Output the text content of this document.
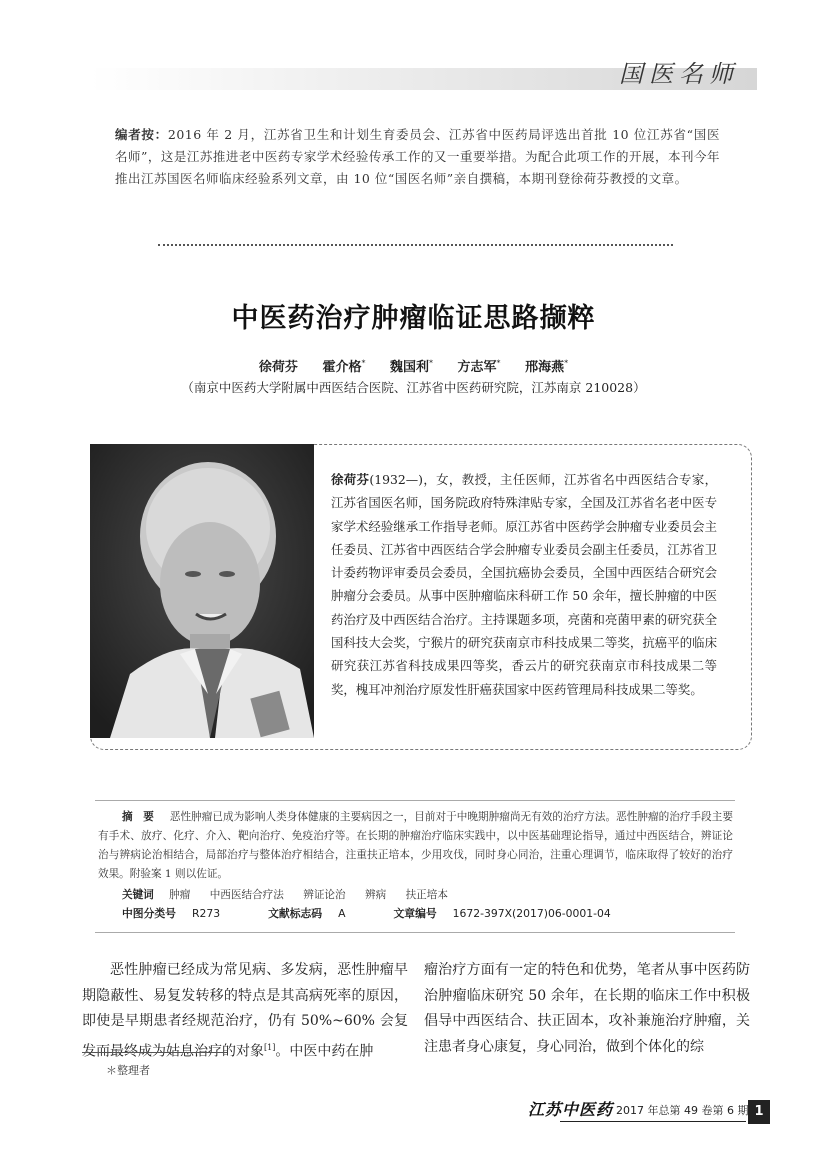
国医名师
编者按：2016 年 2 月，江苏省卫生和计划生育委员会、江苏省中医药局评选出首批 10 位江苏省“国医名师”，这是江苏推进老中医药专家学术经验传承工作的又一重要举措。为配合此项工作的开展，本刊今年推出江苏国医名师临床经验系列文章，由 10 位“国医名师”亲自撰稿，本期刊登徐荷芬教授的文章。
中医药治疗肿瘤临证思路撷粹
徐荷芬 霍介格* 魏国利* 方志军* 邢海燕*
（南京中医药大学附属中西医结合医院、江苏省中医药研究院，江苏南京 210028）
徐荷芬(1932—)，女，教授，主任医师，江苏省名中西医结合专家，江苏省国医名师，国务院政府特殊津贴专家，全国及江苏省名老中医专家学术经验继承工作指导老师。原江苏省中医药学会肿瘤专业委员会主任委员、江苏省中西医结合学会肿瘤专业委员会副主任委员，江苏省卫计委药物评审委员会委员，全国抗癌协会委员，全国中西医结合研究会肿瘤分会委员。从事中医肿瘤临床科研工作 50 余年，擅长肿瘤的中医药治疗及中西医结合治疗。主持课题多项，亮菌和亮菌甲素的研究获全国科技大会奖，宁猴片的研究获南京市科技成果二等奖，抗癌平的临床研究获江苏省科技成果四等奖，香云片的研究获南京市科技成果二等奖，槐耳冲剂治疗原发性肝癌获国家中医药管理局科技成果二等奖。
摘　要 恶性肿瘤已成为影响人类身体健康的主要病因之一，目前对于中晚期肿瘤尚无有效的治疗方法。恶性肿瘤的治疗手段主要有手术、放疗、化疗、介入、靶向治疗、免疫治疗等。在长期的肿瘤治疗临床实践中，以中医基础理论指导，通过中西医结合，辨证论治与辨病论治相结合，局部治疗与整体治疗相结合，注重扶正培本，少用攻伐，同时身心同治，注重心理调节，临床取得了较好的治疗效果。附验案 1 则以佐证。
关键词 肿瘤 中西医结合疗法 辨证论治 辨病 扶正培本
中图分类号 R273	文献标志码 A	文章编号 1672-397X(2017)06-0001-04
恶性肿瘤已经成为常见病、多发病，恶性肿瘤早期隐蔽性、易复发转移的特点是其高病死率的原因，即使是早期患者经规范治疗，仍有 50%~60% 会复发而最终成为姑息治疗的对象[1]。中医中药在肿
瘤治疗方面有一定的特色和优势，笔者从事中医药防治肿瘤临床研究 50 余年，在长期的临床工作中积极倡导中西医结合、扶正固本，攻补兼施治疗肿瘤，关注患者身心康复，身心同治，做到个体化的综
＊整理者
江苏中医药 2017 年总第 49 卷第 6 期 1
